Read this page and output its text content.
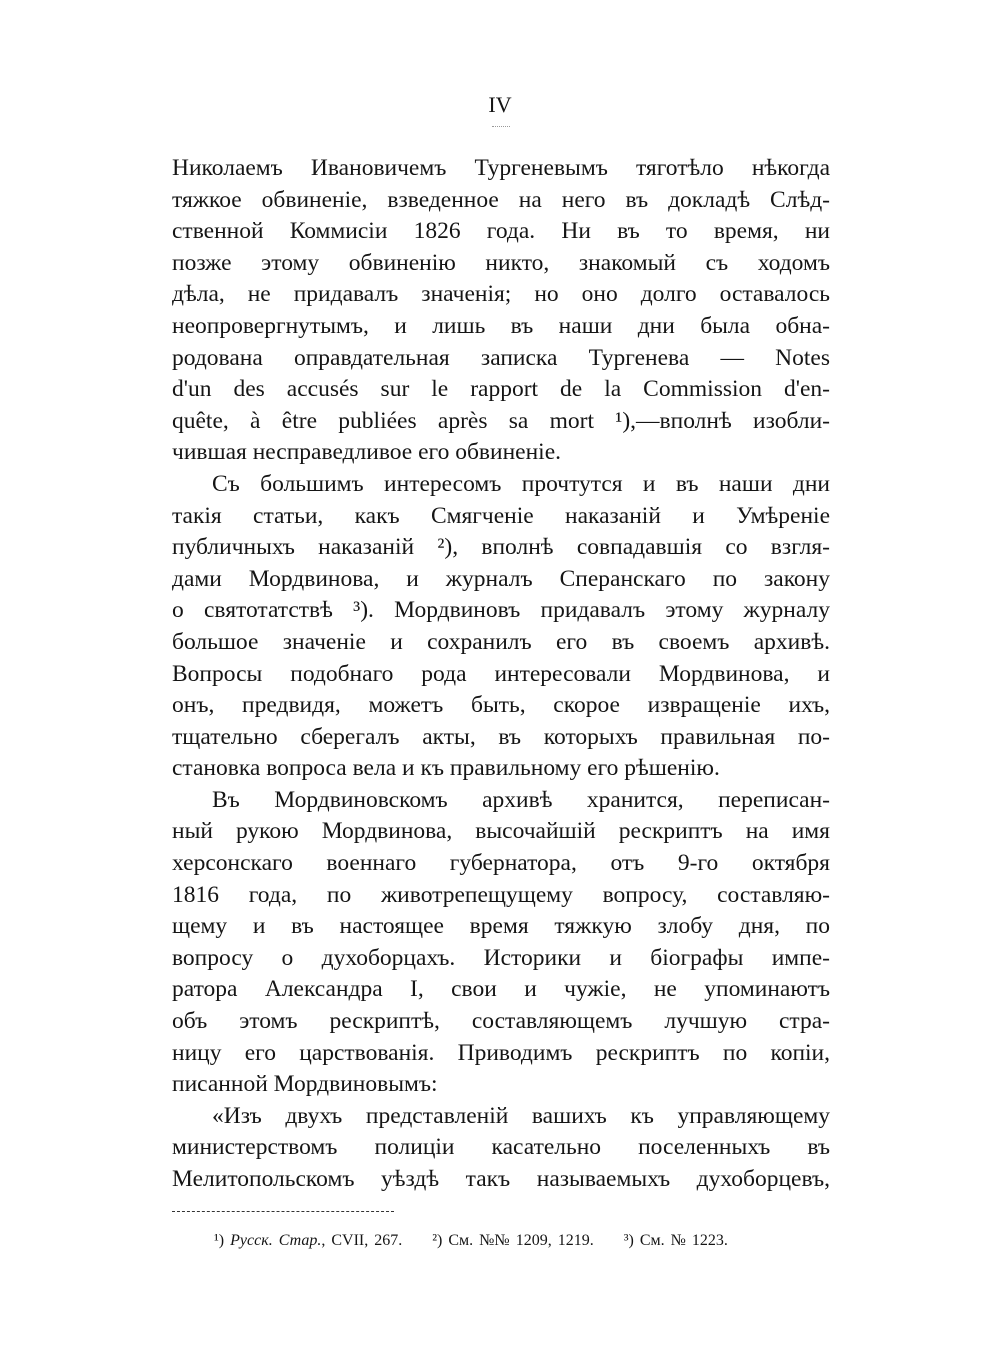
IV
Николаемъ Ивановичемъ Тургеневымъ тяготѣло нѣкогда
тяжкое обвиненіе, взведенное на него въ докладѣ Слѣд-
ственной Коммисіи 1826 года. Ни въ то время, ни
позже этому обвиненію никто, знакомый съ ходомъ
дѣла, не придавалъ значенія; но оно долго оставалось
неопровергнутымъ, и лишь въ наши дни была обна-
родована оправдательная записка Тургенева — Notes
d'un des accusés sur le rapport de la Commission d'en-
quête, à être publiées après sa mort ¹),—вполнѣ изобли-
чившая несправедливое его обвиненіе.
Съ большимъ интересомъ прочтутся и въ наши дни
такія статьи, какъ Смягченіе наказаній и Умѣреніе
публичныхъ наказаній ²), вполнѣ совпадавшія со взгля-
дами Мордвинова, и журналъ Сперанскаго по закону
о святотатствѣ ³). Мордвиновъ придавалъ этому журналу
большое значеніе и сохранилъ его въ своемъ архивѣ.
Вопросы подобнаго рода интересовали Мордвинова, и
онъ, предвидя, можетъ быть, скорое извращеніе ихъ,
тщательно сберегалъ акты, въ которыхъ правильная по-
становка вопроса вела и къ правильному его рѣшенію.
Въ Мордвиновскомъ архивѣ хранится, переписан-
ный рукою Мордвинова, высочайшій рескриптъ на имя
херсонскаго военнаго губернатора, отъ 9-го октября
1816 года, по животрепещущему вопросу, составляю-
щему и въ настоящее время тяжкую злобу дня, по
вопросу о духоборцахъ. Историки и біографы импе-
ратора Александра I, свои и чужіе, не упоминаютъ
объ этомъ рескриптѣ, составляющемъ лучшую стра-
ницу его царствованія. Приводимъ рескриптъ по копіи,
писанной Мордвиновымъ:
«Изъ двухъ представленій вашихъ къ управляющему
министерствомъ полиціи касательно поселенныхъ въ
Мелитопольскомъ уѣздѣ такъ называемыхъ духоборцевъ,
¹) Русск. Стар., CVII, 267. ²) См. №№ 1209, 1219. ³) См. № 1223.
